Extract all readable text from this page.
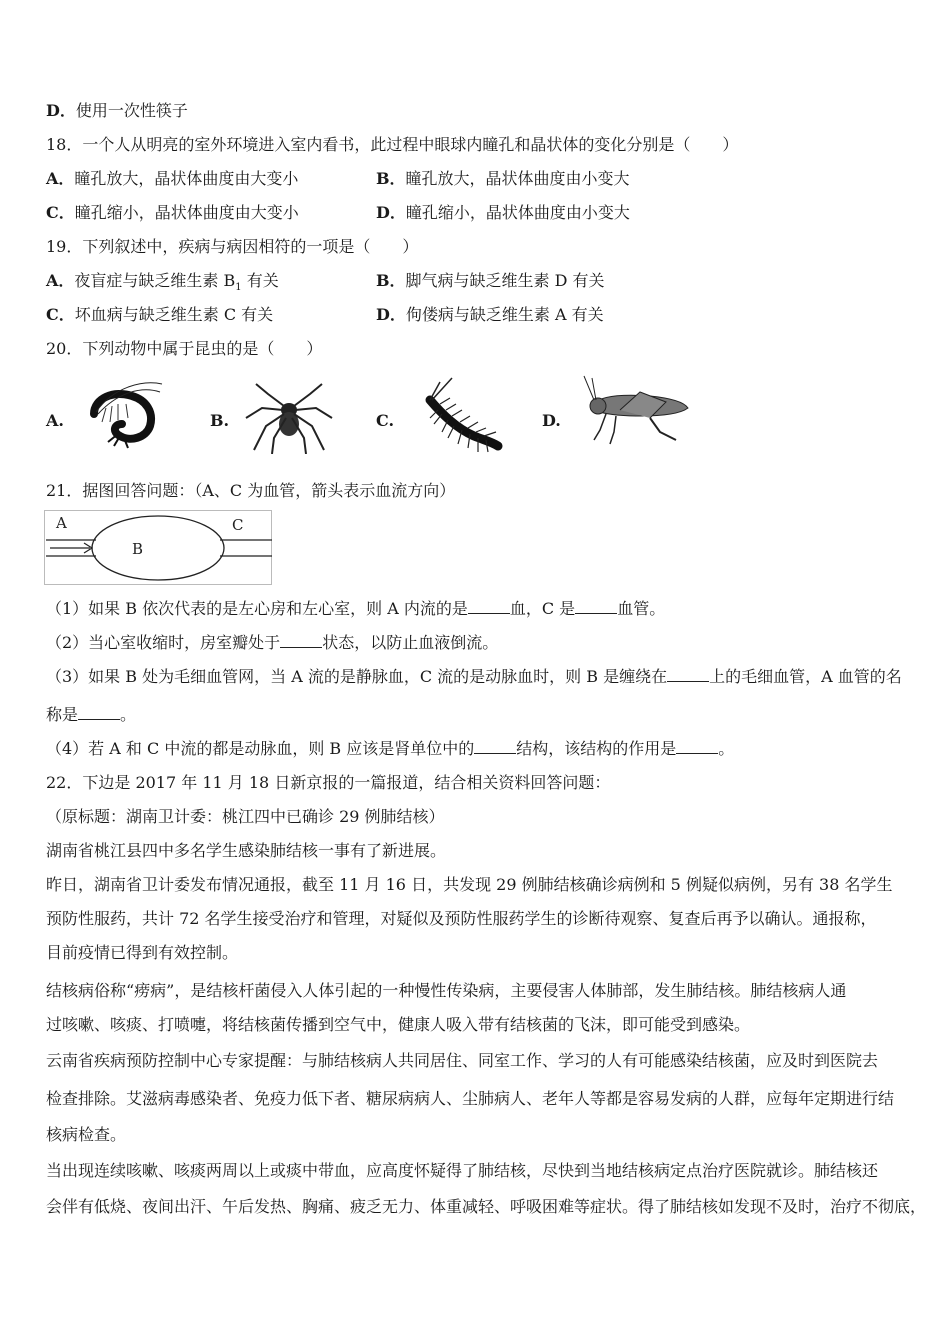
D．使用一次性筷子
18．一个人从明亮的室外环境进入室内看书，此过程中眼球内瞳孔和晶状体的变化分别是（　　）
A．瞳孔放大，晶状体曲度由大变小	B．瞳孔放大，晶状体曲度由小变大
C．瞳孔缩小，晶状体曲度由大变小	D．瞳孔缩小，晶状体曲度由小变大
19．下列叙述中，疾病与病因相符的一项是（　　）
A．夜盲症与缺乏维生素 $B_1$ 有关	B．脚气病与缺乏维生素 D 有关
C．坏血病与缺乏维生素 C 有关	D．佝偻病与缺乏维生素 A 有关
20．下列动物中属于昆虫的是（　　）
A.	B.	C.	D.
21．据图回答问题：（A、C 为血管，箭头表示血流方向）
A
B
C
（1）如果 B 依次代表的是左心房和左心室，则 A 内流的是	血，C 是	血管。
（2）当心室收缩时，房室瓣处于	状态，以防止血液倒流。
（3）如果 B 处为毛细血管网，当 A 流的是静脉血，C 流的是动脉血时，则 B 是缠绕在	上的毛细血管，A 血管的名
称是	。
（4）若 A 和 C 中流的都是动脉血，则 B 应该是肾单位中的	结构，该结构的作用是	。
22．下边是 2017 年 11 月 18 日新京报的一篇报道，结合相关资料回答问题：
（原标题：湖南卫计委：桃江四中已确诊 29 例肺结核）
湖南省桃江县四中多名学生感染肺结核一事有了新进展。
昨日，湖南省卫计委发布情况通报，截至 11 月 16 日，共发现 29 例肺结核确诊病例和 5 例疑似病例，另有 38 名学生
预防性服药，共计 72 名学生接受治疗和管理，对疑似及预防性服药学生的诊断待观察、复查后再予以确认。通报称，
目前疫情已得到有效控制。
结核病俗称“痨病”，是结核杆菌侵入人体引起的一种慢性传染病，主要侵害人体肺部，发生肺结核。肺结核病人通
过咳嗽、咳痰、打喷嚏，将结核菌传播到空气中，健康人吸入带有结核菌的飞沫，即可能受到感染。
云南省疾病预防控制中心专家提醒：与肺结核病人共同居住、同室工作、学习的人有可能感染结核菌，应及时到医院去
检查排除。艾滋病毒感染者、免疫力低下者、糖尿病病人、尘肺病人、老年人等都是容易发病的人群，应每年定期进行结
核病检查。
当出现连续咳嗽、咳痰两周以上或痰中带血，应高度怀疑得了肺结核，尽快到当地结核病定点治疗医院就诊。肺结核还
会伴有低烧、夜间出汗、午后发热、胸痛、疲乏无力、体重减轻、呼吸困难等症状。得了肺结核如发现不及时，治疗不彻底，
